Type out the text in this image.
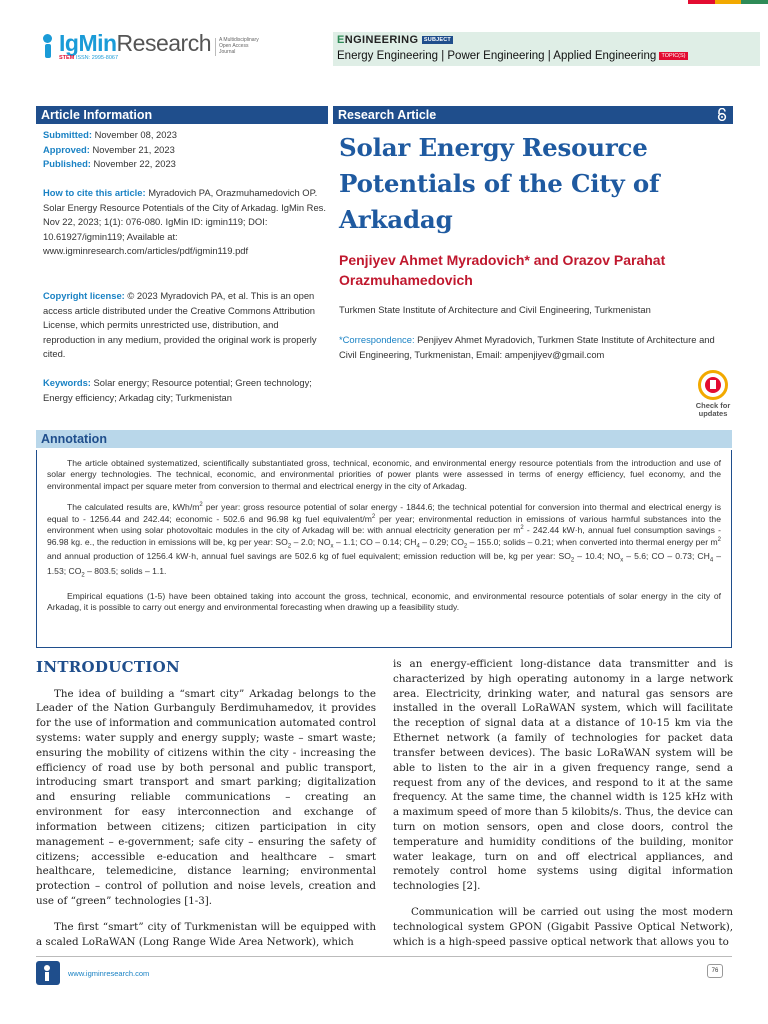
IgMinResearch
STEM ISSN: 2995-8067
A Multidisciplinary
Open Access
Journal
ENGINEERING SUBJECT
Energy Engineering | Power Engineering | Applied Engineering TOPIC(S)
Article Information	Research Article
Submitted: November 08, 2023
Approved: November 21, 2023
Published: November 22, 2023
How to cite this article: Myradovich PA, Orazmuhamedovich OP. Solar Energy Resource Potentials of the City of Arkadag. IgMin Res. Nov 22, 2023; 1(1): 076-080. IgMin ID: igmin119; DOI: 10.61927/igmin119; Available at: www.igminresearch.com/articles/pdf/igmin119.pdf
Copyright license: © 2023 Myradovich PA, et al. This is an open access article distributed under the Creative Commons Attribution License, which permits unrestricted use, distribution, and reproduction in any medium, provided the original work is properly cited.
Keywords: Solar energy; Resource potential; Green technology; Energy efficiency; Arkadag city; Turkmenistan
Solar Energy Resource Potentials of the City of Arkadag
Penjiyev Ahmet Myradovich* and Orazov Parahat Orazmuhamedovich
Turkmen State Institute of Architecture and Civil Engineering, Turkmenistan
*Correspondence: Penjiyev Ahmet Myradovich, Turkmen State Institute of Architecture and Civil Engineering, Turkmenistan, Email: ampenjiyev@gmail.com
Check for
updates
Annotation

The article obtained systematized, scientifically substantiated gross, technical, economic, and environmental energy resource potentials from the introduction and use of solar energy technologies. The technical, economic, and environmental priorities of power plants were assessed in terms of energy efficiency, fuel economy, and the environmental impact per square meter from conversion to thermal and electrical energy in the city of Arkadag.

The calculated results are, kWh/$m^2$ per year: gross resource potential of solar energy - 1844.6; the technical potential for conversion into thermal and electrical energy is equal to - 1256.44 and 242.44; economic - 502.6 and 96.98 kg fuel equivalent/$m^2$ per year; environmental reduction in emissions of various harmful substances into the environment when using solar photovoltaic modules in the city of Arkadag will be: with annual electricity generation per $m^2 - 242.44$ kW·h, annual fuel consumption savings - 96.98 kg. e., the reduction in emissions will be, kg per year: $SO_2 - 2.0$; $NO_x - 1.1$; CO – 0.14; $CH_4 - 0.29$; $CO_2 - 155.0$; solids – 0.21; when converted into thermal energy per $m^2$ and annual production of 1256.4 kW·h, annual fuel savings are 502.6 kg of fuel equivalent; emission reduction will be, kg per year: $SO_2 - 10.4$; $NO_x - 5.6$; CO – 0.73; $CH_4 - 1.53$; $CO_2 - 803.5$; solids – 1.1.

Empirical equations (1-5) have been obtained taking into account the gross, technical, economic, and environmental resource potentials of solar energy in the city of Arkadag, it is possible to carry out energy and environmental forecasting when drawing up a feasibility study.

INTRODUCTION

The idea of building a “smart city” Arkadag belongs to the Leader of the Nation Gurbanguly Berdimuhamedov, it provides for the use of information and communication automated control systems: water supply and energy supply; waste – smart waste; ensuring the mobility of citizens within the city - increasing the efficiency of road use by both personal and public transport, introducing smart transport and smart parking; digitalization and ensuring reliable communications – creating an environment for easy interconnection and exchange of information between citizens; citizen participation in city management – e-government; safe city – ensuring the safety of citizens; accessible e-education and healthcare – smart healthcare, telemedicine, distance learning; environmental protection – control of pollution and noise levels, creation and use of “green” technologies [1-3].

The first “smart” city of Turkmenistan will be equipped with a scaled LoRaWAN (Long Range Wide Area Network), which

is an energy-efficient long-distance data transmitter and is characterized by high operating autonomy in a large network area. Electricity, drinking water, and natural gas sensors are installed in the overall LoRaWAN system, which will facilitate the reception of signal data at a distance of 10-15 km via the Ethernet network (a family of technologies for packet data transfer between devices). The basic LoRaWAN system will be able to listen to the air in a given frequency range, send a request from any of the devices, and respond to it at the same frequency. At the same time, the channel width is 125 kHz with a maximum speed of more than 5 kilobits/s. Thus, the device can turn on motion sensors, open and close doors, control the temperature and humidity conditions of the building, monitor water leakage, turn on and off electrical appliances, and remotely control home systems using digital information technologies [2].

Communication will be carried out using the most modern technological system GPON (Gigabit Passive Optical Network), which is a high-speed passive optical network that allows you to

www.igminresearch.com	76
